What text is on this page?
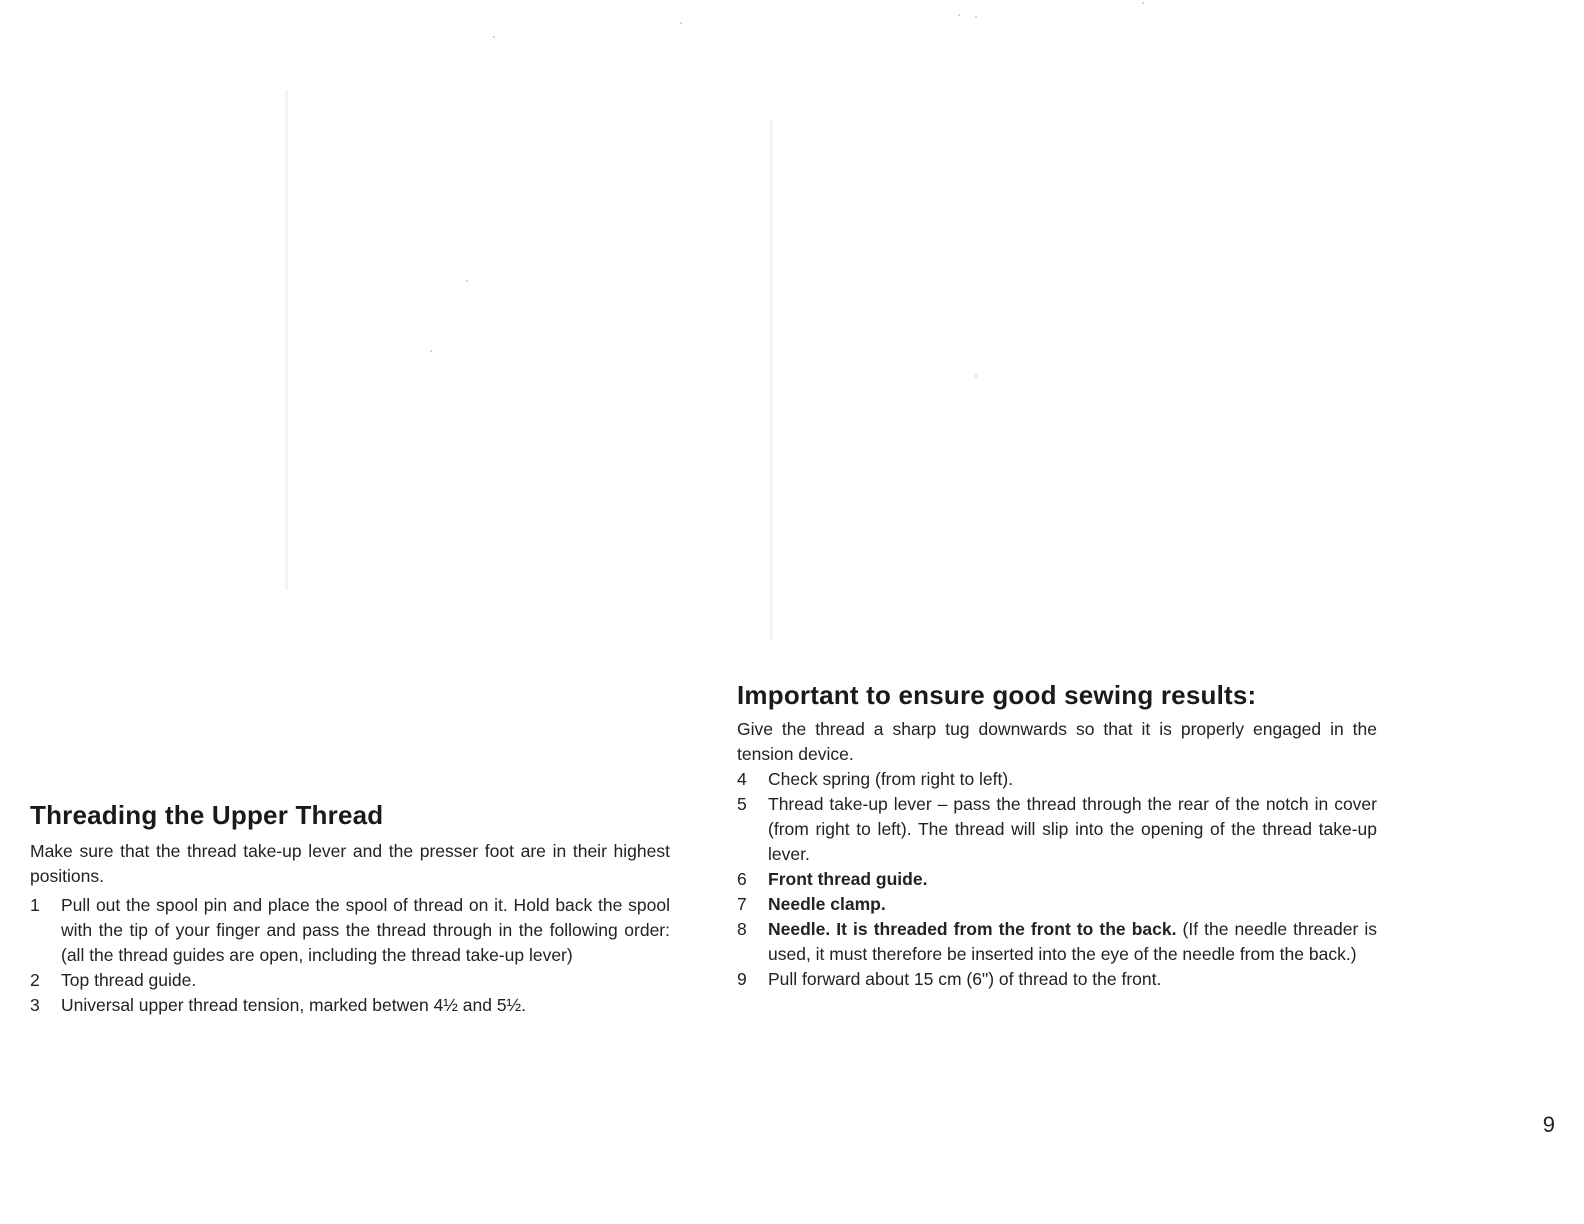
Threading the Upper Thread

Make sure that the thread take-up lever and the presser foot are in their highest positions.

1	Pull out the spool pin and place the spool of thread on it. Hold back the spool with the tip of your finger and pass the thread through in the following order: (all the thread guides are open, including the thread take-up lever)
2	Top thread guide.
3	Universal upper thread tension, marked betwen 4½ and 5½.
Important to ensure good sewing results:

Give the thread a sharp tug downwards so that it is properly engaged in the tension device.

4	Check spring (from right to left).
5	Thread take-up lever – pass the thread through the rear of the notch in cover (from right to left). The thread will slip into the opening of the thread take-up lever.
6	Front thread guide.
7	Needle clamp.
8	Needle. It is threaded from the front to the back. (If the needle threader is used, it must therefore be inserted into the eye of the needle from the back.)
9	Pull forward about 15 cm (6") of thread to the front.
9
